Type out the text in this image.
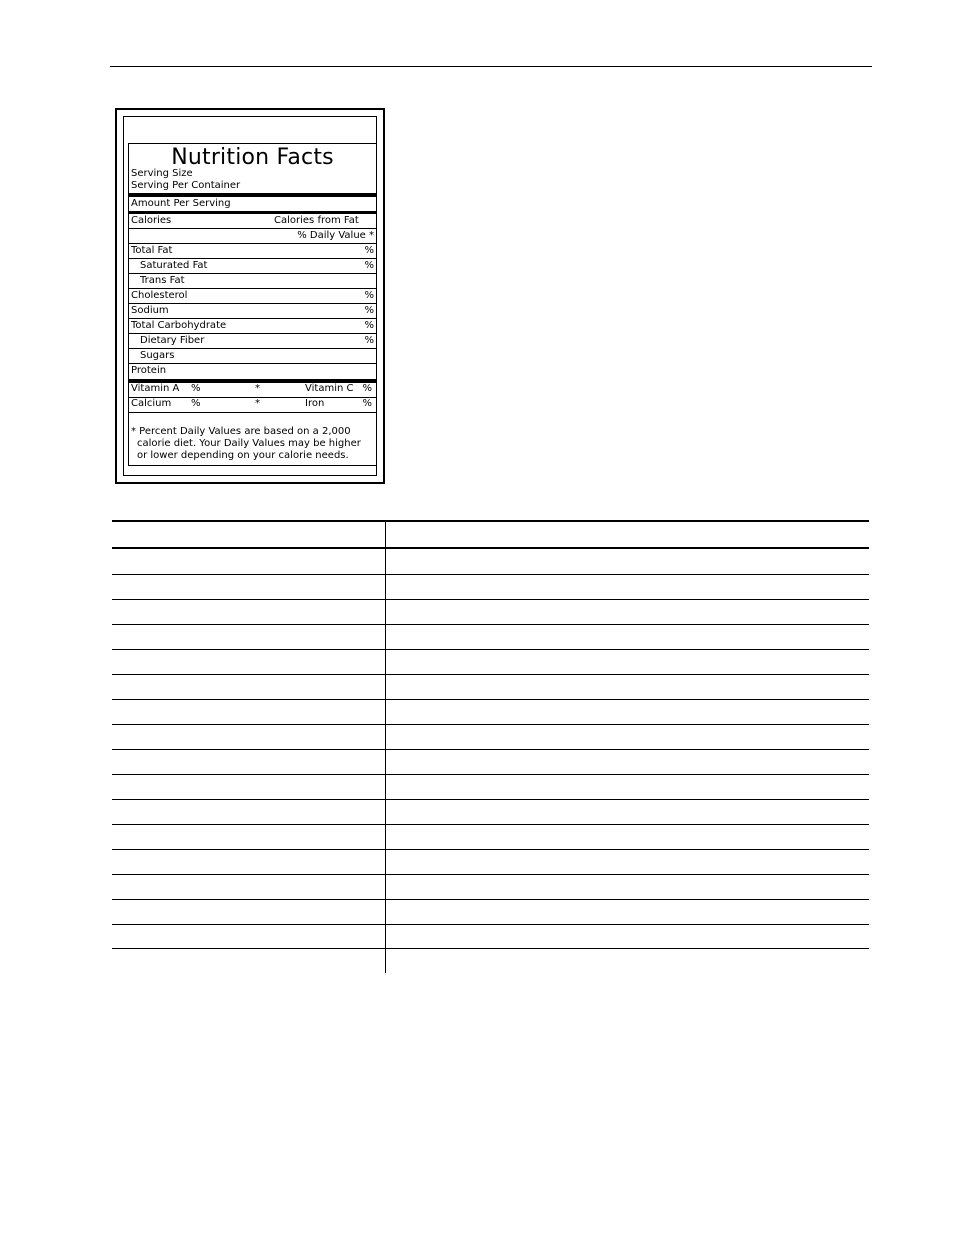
Nutrition Facts
Serving Size
Serving Per Container
Amount Per Serving
Calories	Calories from Fat
% Daily Value *
Total Fat	%
Saturated Fat	%
Trans Fat
Cholesterol	%
Sodium	%
Total Carbohydrate	%
Dietary Fiber	%
Sugars
Protein
Vitamin A %	*	Vitamin C %
Calcium %	*	Iron	%
* Percent Daily Values are based on a 2,000
calorie diet. Your Daily Values may be higher
or lower depending on your calorie needs.
